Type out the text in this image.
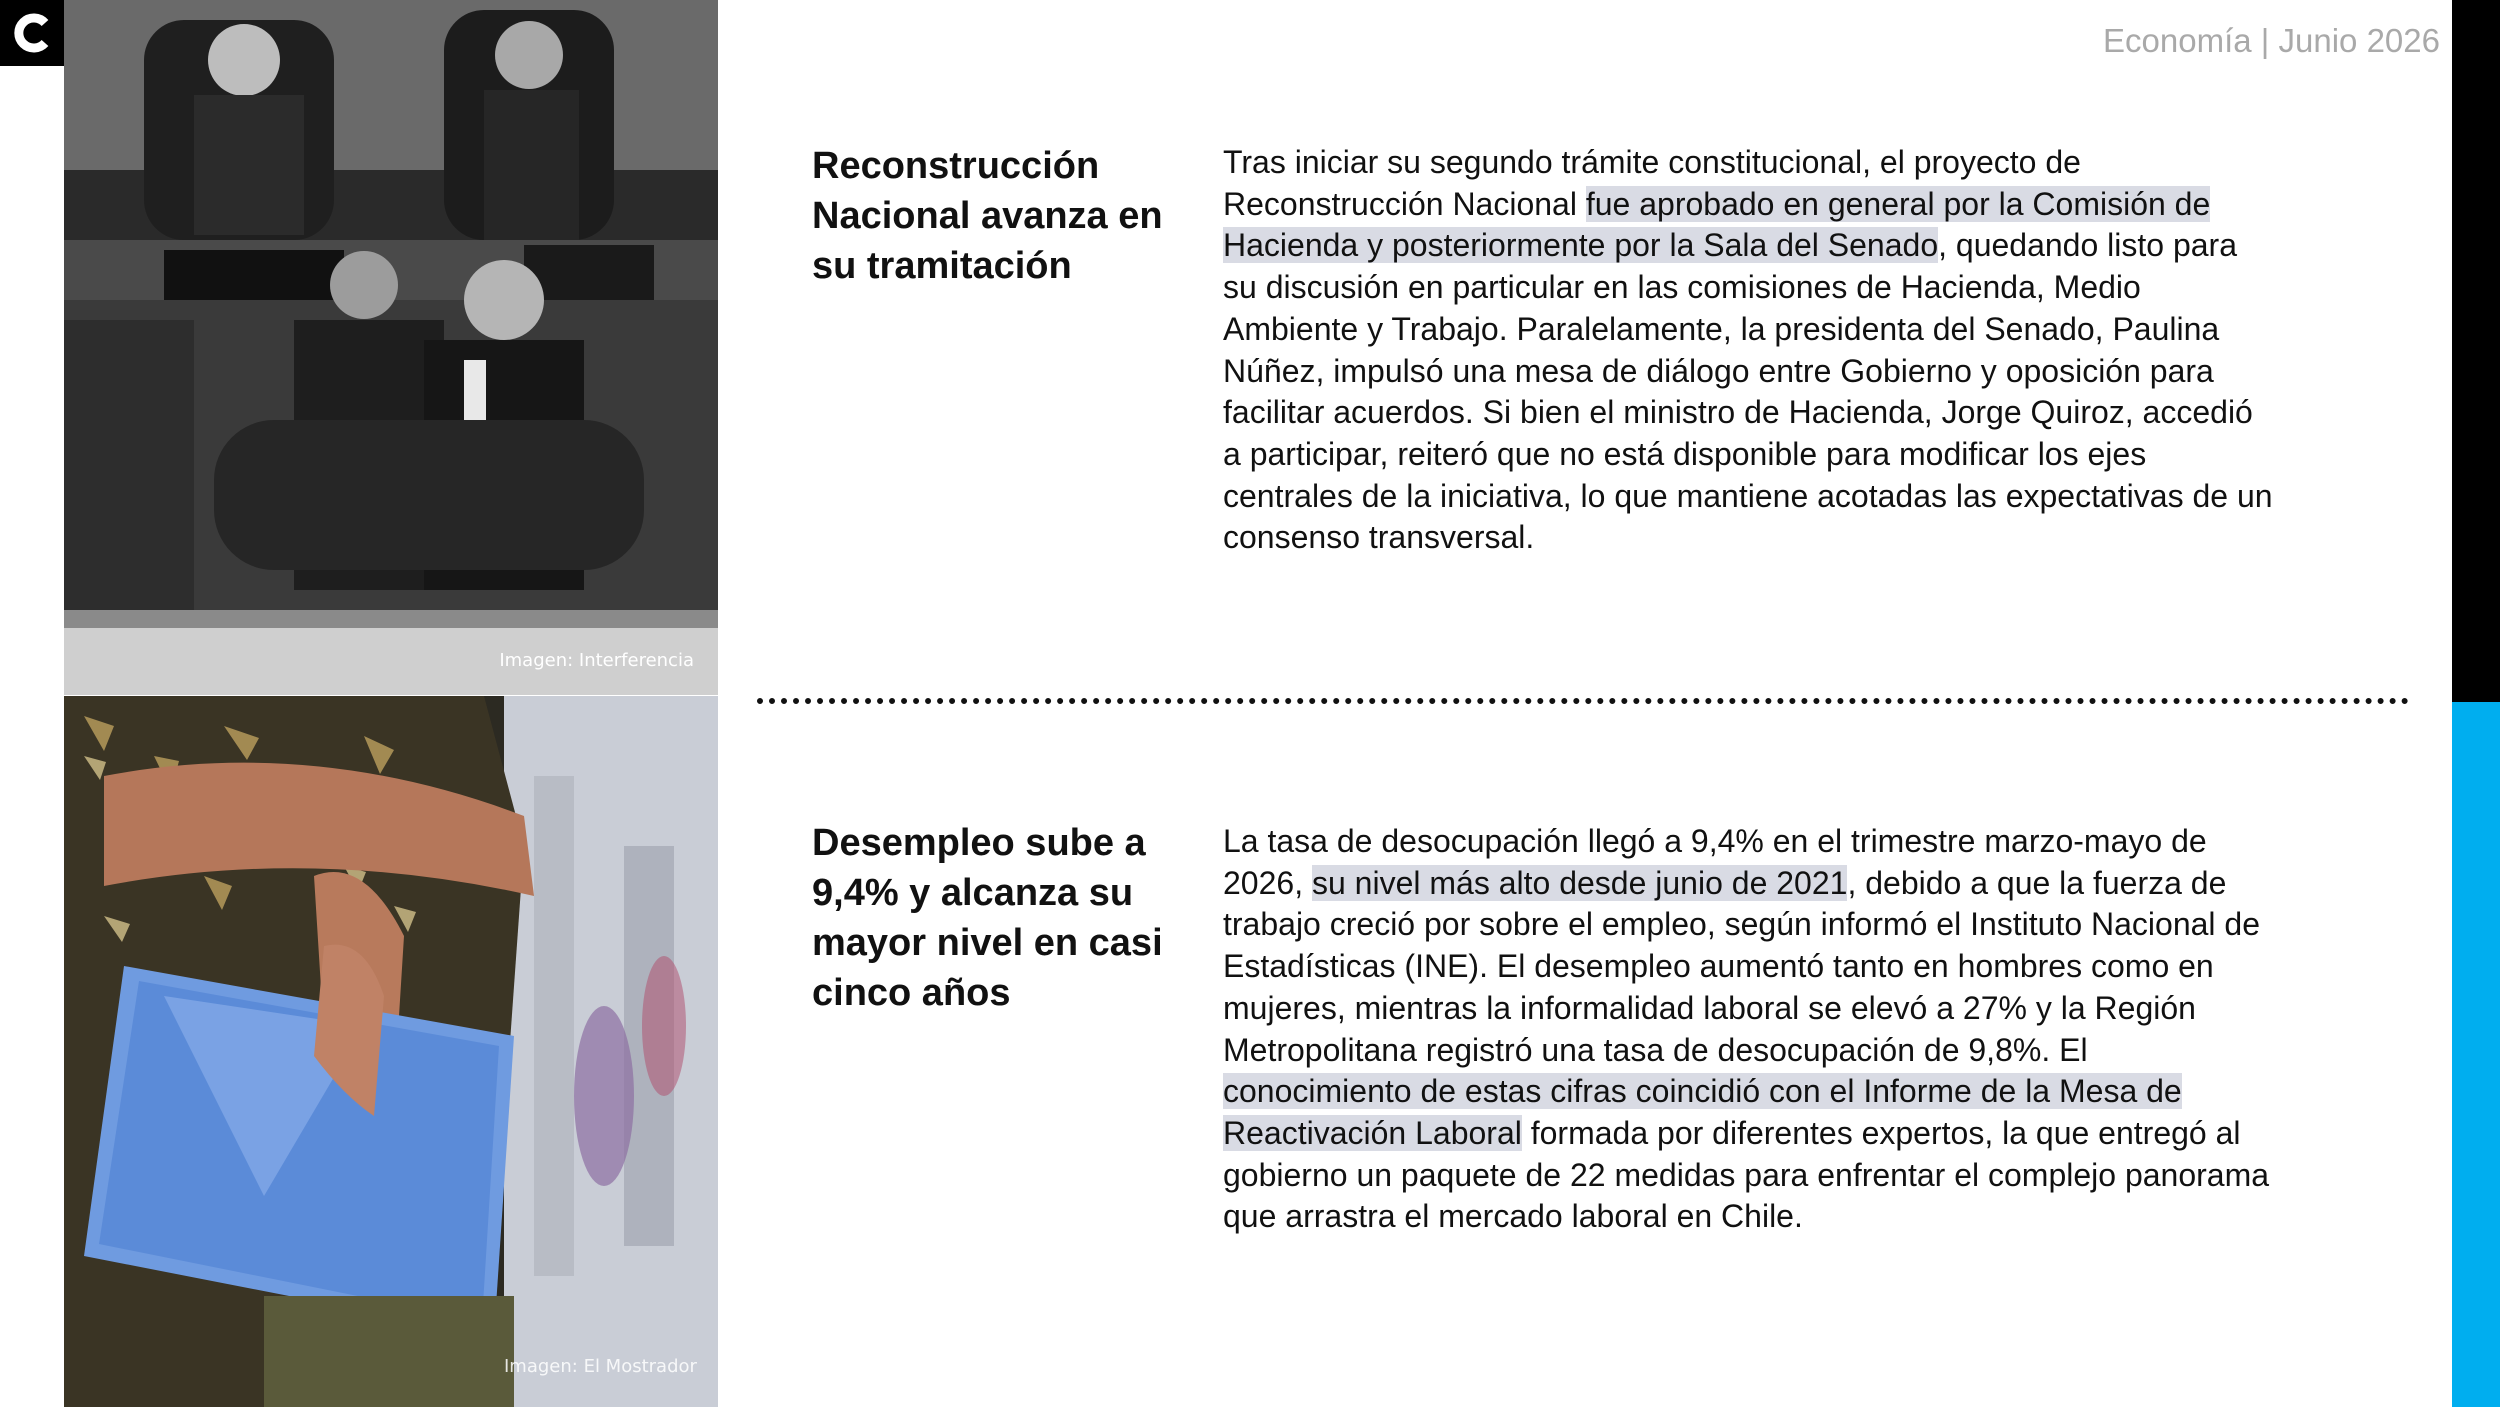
Economía | Junio 2026
Imagen: Interferencia
Imagen: El Mostrador
Reconstrucción Nacional avanza en su tramitación

Tras iniciar su segundo trámite constitucional, el proyecto de Reconstrucción Nacional fue aprobado en general por la Comisión de Hacienda y posteriormente por la Sala del Senado, quedando listo para su discusión en particular en las comisiones de Hacienda, Medio Ambiente y Trabajo. Paralelamente, la presidenta del Senado, Paulina Núñez, impulsó una mesa de diálogo entre Gobierno y oposición para facilitar acuerdos. Si bien el ministro de Hacienda, Jorge Quiroz, accedió a participar, reiteró que no está disponible para modificar los ejes centrales de la iniciativa, lo que mantiene acotadas las expectativas de un consenso transversal.

Desempleo sube a 9,4% y alcanza su mayor nivel en casi cinco años

La tasa de desocupación llegó a 9,4% en el trimestre marzo-mayo de 2026, su nivel más alto desde junio de 2021, debido a que la fuerza de trabajo creció por sobre el empleo, según informó el Instituto Nacional de Estadísticas (INE). El desempleo aumentó tanto en hombres como en mujeres, mientras la informalidad laboral se elevó a 27% y la Región Metropolitana registró una tasa de desocupación de 9,8%. El conocimiento de estas cifras coincidió con el Informe de la Mesa de Reactivación Laboral formada por diferentes expertos, la que entregó al gobierno un paquete de 22 medidas para enfrentar el complejo panorama que arrastra el mercado laboral en Chile.
